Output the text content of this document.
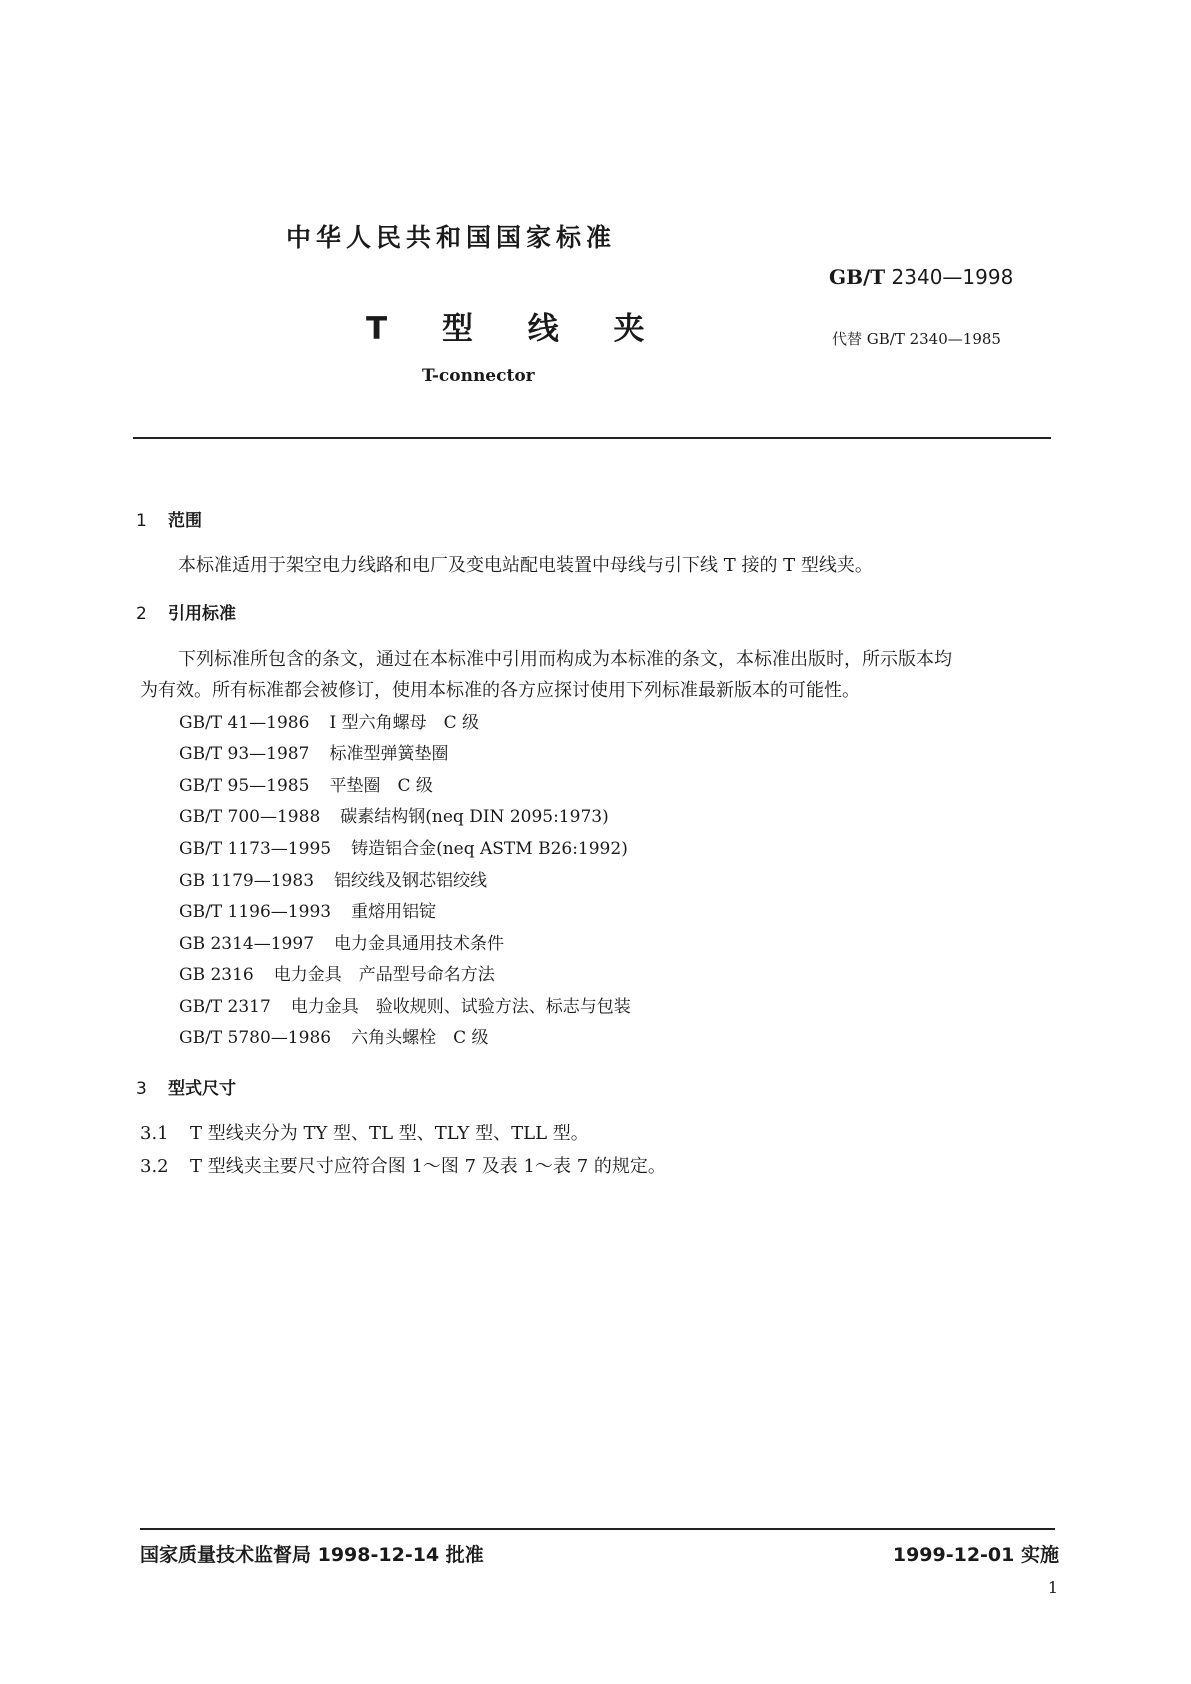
中华人民共和国国家标准
GB/T 2340—1998
T 型 线 夹	代替 GB/T 2340—1985
T-connector
1 范围
本标准适用于架空电力线路和电厂及变电站配电装置中母线与引下线 T 接的 T 型线夹。
2 引用标准
下列标准所包含的条文，通过在本标准中引用而构成为本标准的条文，本标准出版时，所示版本均
为有效。所有标准都会被修订，使用本标准的各方应探讨使用下列标准最新版本的可能性。
GB/T 41—1986 I 型六角螺母　C 级
GB/T 93—1987 标准型弹簧垫圈
GB/T 95—1985 平垫圈　C 级
GB/T 700—1988 碳素结构钢(neq DIN 2095:1973)
GB/T 1173—1995 铸造铝合金(neq ASTM B26:1992)
GB 1179—1983 铝绞线及钢芯铝绞线
GB/T 1196—1993 重熔用铝锭
GB 2314—1997 电力金具通用技术条件
GB 2316 电力金具　产品型号命名方法
GB/T 2317 电力金具　验收规则、试验方法、标志与包装
GB/T 5780—1986 六角头螺栓　C 级
3 型式尺寸
3.1 T 型线夹分为 TY 型、TL 型、TLY 型、TLL 型。
3.2 T 型线夹主要尺寸应符合图 1～图 7 及表 1～表 7 的规定。
国家质量技术监督局 1998-12-14 批准	1999-12-01 实施
1
